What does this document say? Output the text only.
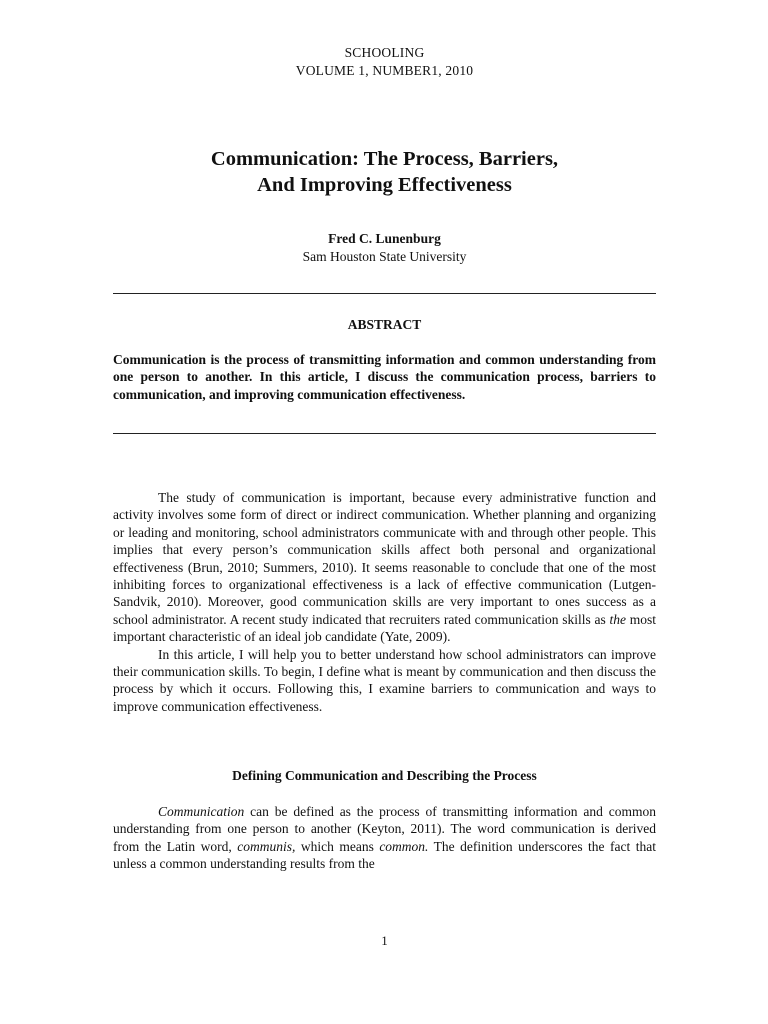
SCHOOLING
VOLUME 1, NUMBER1, 2010
Communication: The Process, Barriers,
And Improving Effectiveness
Fred C. Lunenburg
Sam Houston State University
ABSTRACT
Communication is the process of transmitting information and common understanding from one person to another. In this article, I discuss the communication process, barriers to communication, and improving communication effectiveness.

The study of communication is important, because every administrative function and activity involves some form of direct or indirect communication. Whether planning and organizing or leading and monitoring, school administrators communicate with and through other people. This implies that every person’s communication skills affect both personal and organizational effectiveness (Brun, 2010; Summers, 2010). It seems reasonable to conclude that one of the most inhibiting forces to organizational effectiveness is a lack of effective communication (Lutgen-Sandvik, 2010). Moreover, good communication skills are very important to ones success as a school administrator. A recent study indicated that recruiters rated communication skills as the most important characteristic of an ideal job candidate (Yate, 2009).

In this article, I will help you to better understand how school administrators can improve their communication skills. To begin, I define what is meant by communication and then discuss the process by which it occurs. Following this, I examine barriers to communication and ways to improve communication effectiveness.

Defining Communication and Describing the Process

Communication can be defined as the process of transmitting information and common understanding from one person to another (Keyton, 2011). The word communication is derived from the Latin word, communis, which means common. The definition underscores the fact that unless a common understanding results from the

1
